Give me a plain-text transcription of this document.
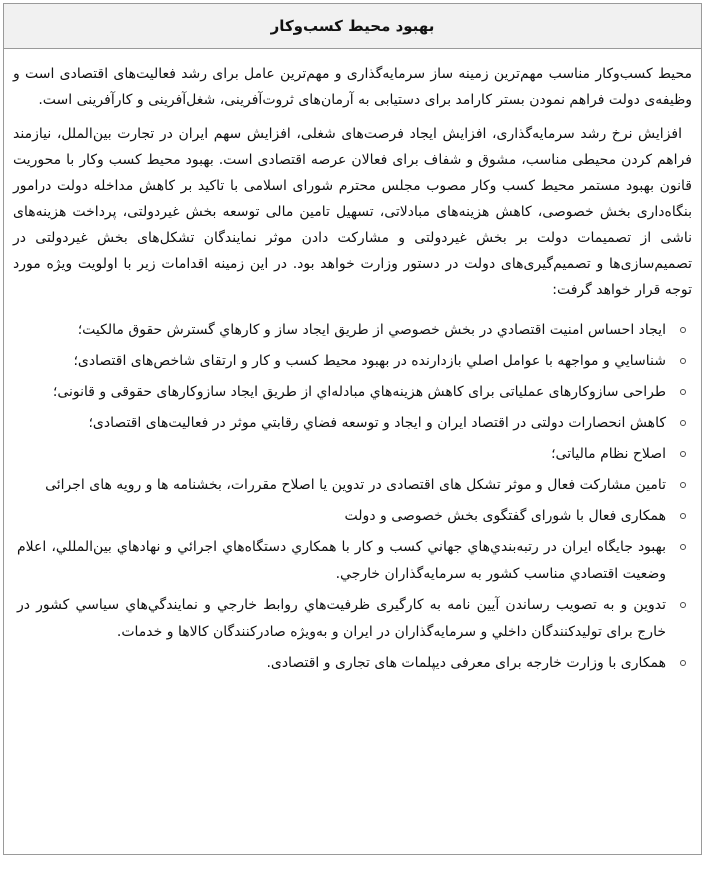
بهبود محیط کسب‌وکار

محیط کسب‌وکار مناسب مهم‌ترین زمینه ساز سرمایه‌گذاری و مهم‌ترین عامل برای رشد فعالیت‌های اقتصادی است و وظیفه‌ی دولت فراهم نمودن بستر کارامد برای دستیابی به آرمان‌های ثروت‌آفرینی، شغل‌آفرینی و کارآفرینی است.

افزایش نرخ رشد سرمایه‌گذاری، افزایش ایجاد فرصت‌های شغلی، افزایش سهم ایران در تجارت بین‌الملل، نیازمند فراهم کردن محیطی مناسب، مشوق و شفاف برای فعالان عرصه اقتصادی است. بهبود محیط کسب وکار با محوریت قانون بهبود مستمر محیط کسب وکار مصوب مجلس محترم شورای اسلامی با تاکید بر کاهش مداخله دولت درامور بنگاه‌داری بخش خصوصی، کاهش هزینه‌های مبادلاتی، تسهیل تامین مالی توسعه بخش غیردولتی، پرداخت هزینه‌های ناشی از تصمیمات دولت بر بخش غیردولتی و مشارکت دادن موثر نمایندگان تشکل‌های بخش غیردولتی در تصمیم‌سازی‌ها و تصمیم‌گیری‌های دولت در دستور وزارت خواهد بود. در این زمینه اقدامات زیر با اولویت ویژه مورد توجه قرار خواهد گرفت:

ايجاد احساس امنيت اقتصادي در بخش خصوصي از طريق ايجاد ساز و كارهاي گسترش حقوق مالكيت؛
شناسايي و مواجهه با عوامل اصلي بازدارنده در بهبود محیط کسب و کار و ارتقای شاخص‌های اقتصادی؛
طراحی سازوكارهای عملیاتی برای کاهش هزینه‌هاي مبادله‌اي از طریق ایجاد سازوكارهای حقوقی و قانونی؛
كاهش انحصارات دولتی در اقتصاد ايران و ايجاد و توسعه فضاي رقابتي موثر در فعاليت‌های اقتصادی؛
اصلاح نظام مالیاتی؛
تامین مشارکت فعال و موثر تشکل های اقتصادی در تدوین یا اصلاح مقررات، بخشنامه ها و رویه های اجرائی
همکاری فعال با شورای گفتگوی بخش خصوصی و دولت
بهبود جايگاه ايران در رتبه‌بندي‌هاي جهاني كسب و كار با همكاري دستگاه‌هاي اجرائي و نهادهاي بين‌المللي، اعلام وضعیت اقتصادي مناسب كشور به سرمايه‌گذاران خارجي.
تدوین و به تصویب رساندن آیین نامه به کارگیری ظرفیت‌هاي روابط خارجي و نمايندگي‌هاي سياسي كشور در خارج برای توليدكنندگان داخلي و سرمايه‌گذاران در ايران و به‌ويژه صادركنندگان كالاها و خدمات.
همکاری با وزارت خارجه برای معرفی دیپلمات های تجاری و اقتصادی.
